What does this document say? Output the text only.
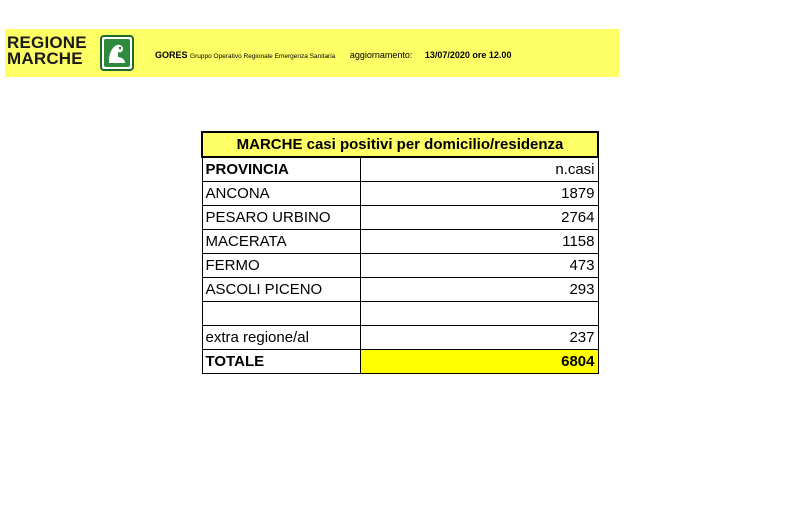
REGIONE
MARCHE	GORES Gruppo Operativo Regionale Emergenza Sanitaria aggiornamento: 13/07/2020 ore 12.00
MARCHE casi positivi per domicilio/residenza	
PROVINCIA	n.casi
ANCONA	1879
PESARO URBINO	2764
MACERATA	1158
FERMO	473
ASCOLI PICENO	293

extra regione/al	237
TOTALE	6804
